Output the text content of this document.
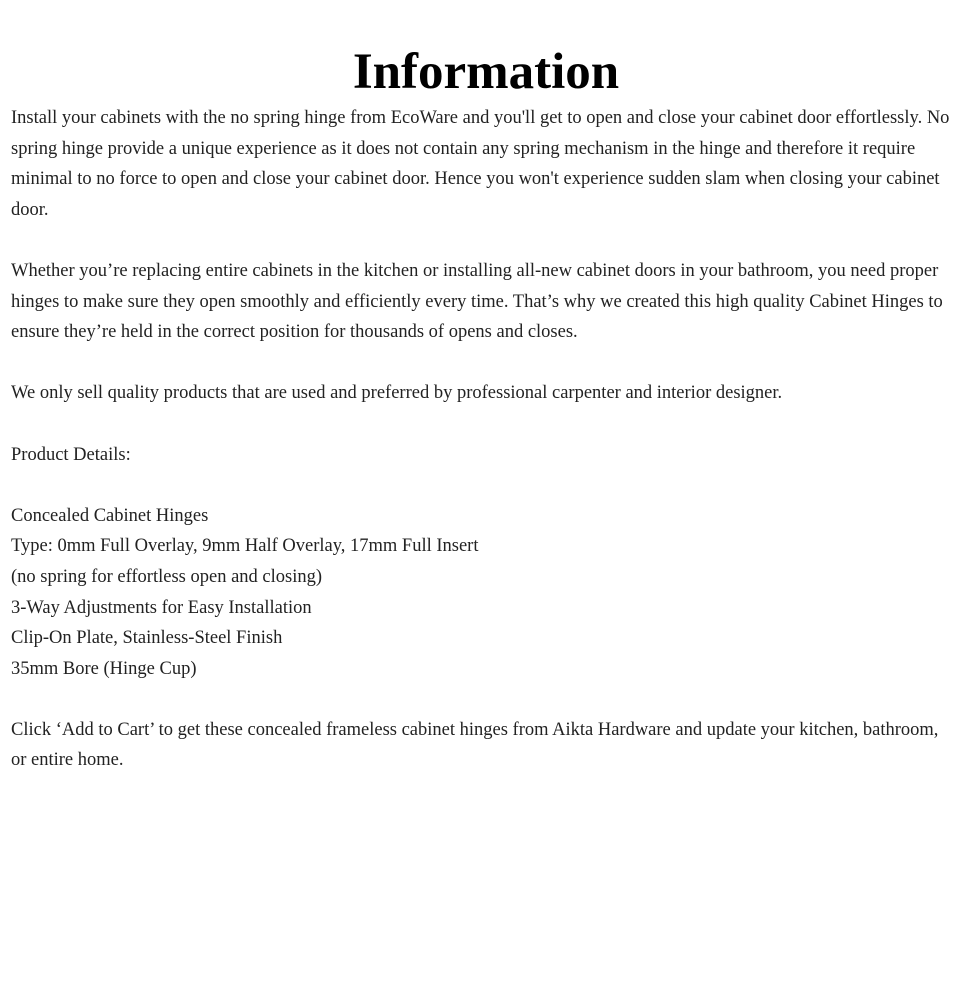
Information

Install your cabinets with the no spring hinge from EcoWare and you'll get to open and close your cabinet door effortlessly. No spring hinge provide a unique experience as it does not contain any spring mechanism in the hinge and therefore it require minimal to no force to open and close your cabinet door. Hence you won't experience sudden slam when closing your cabinet door.

Whether you’re replacing entire cabinets in the kitchen or installing all-new cabinet doors in your bathroom, you need proper hinges to make sure they open smoothly and efficiently every time. That’s why we created this high quality Cabinet Hinges to ensure they’re held in the correct position for thousands of opens and closes.

We only sell quality products that are used and preferred by professional carpenter and interior designer.

Product Details:

Concealed Cabinet Hinges
Type: 0mm Full Overlay, 9mm Half Overlay, 17mm Full Insert
(no spring for effortless open and closing)
3-Way Adjustments for Easy Installation
Clip-On Plate, Stainless-Steel Finish
35mm Bore (Hinge Cup)

Click ‘Add to Cart’ to get these concealed frameless cabinet hinges from Aikta Hardware and update your kitchen, bathroom, or entire home.
